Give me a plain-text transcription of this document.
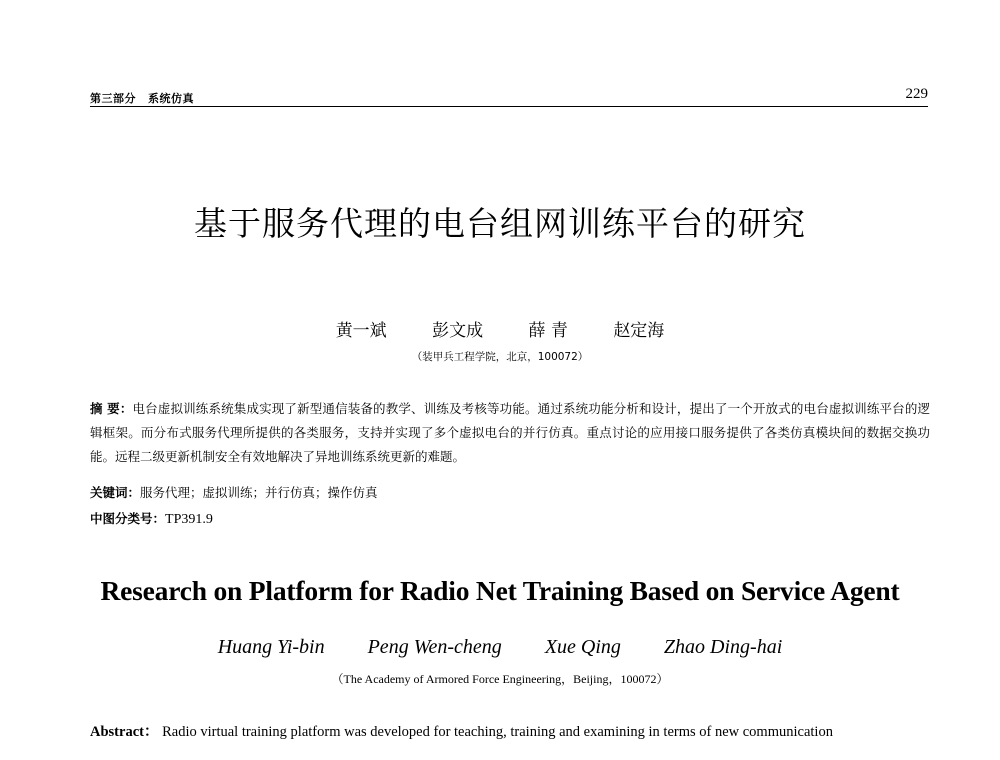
第三部分 系统仿真	229
基于服务代理的电台组网训练平台的研究
黄一斌	彭文成	薛 青	赵定海
（装甲兵工程学院，北京，100072）
摘 要：电台虚拟训练系统集成实现了新型通信装备的教学、训练及考核等功能。通过系统功能分析和设计，提出了一个开放式的电台虚拟训练平台的逻辑框架。而分布式服务代理所提供的各类服务，支持并实现了多个虚拟电台的并行仿真。重点讨论的应用接口服务提供了各类仿真模块间的数据交换功能。远程二级更新机制安全有效地解决了异地训练系统更新的难题。
关键词：服务代理；虚拟训练；并行仿真；操作仿真
中图分类号：TP391.9
Research on Platform for Radio Net Training Based on Service Agent
Huang Yi-bin Peng Wen-cheng Xue Qing Zhao Ding-hai
（The Academy of Armored Force Engineering，Beijing，100072）
Abstract： Radio virtual training platform was developed for teaching, training and examining in terms of new communication
